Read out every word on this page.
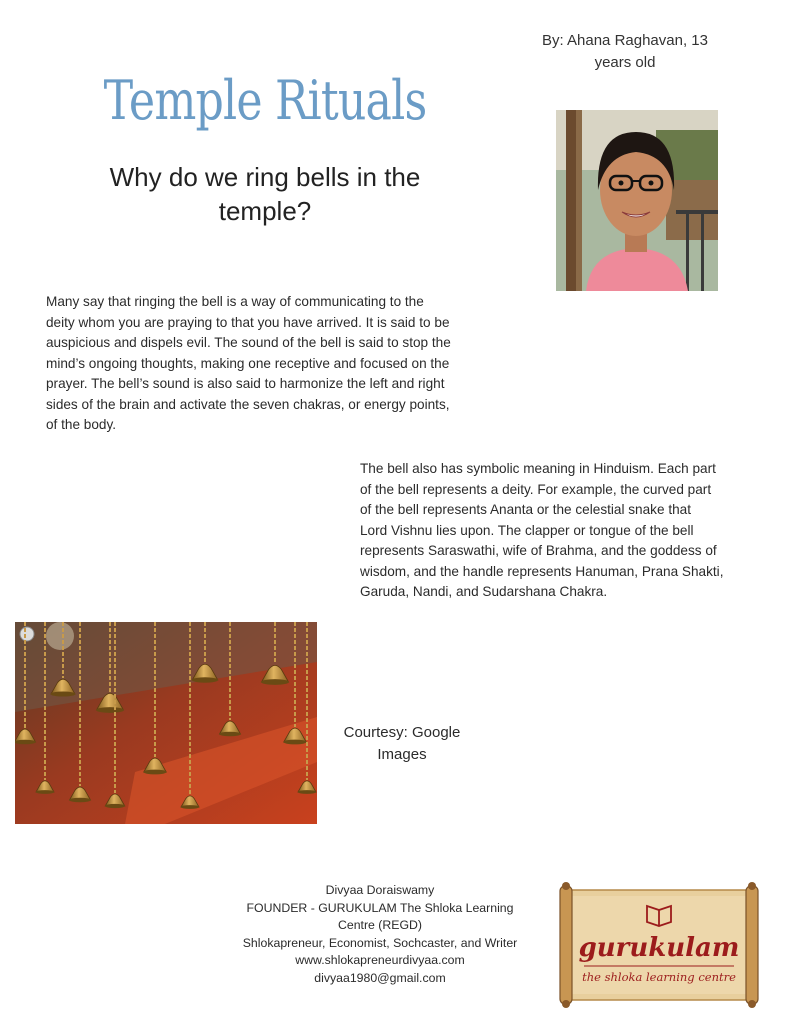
By: Ahana Raghavan, 13
years old
Temple Rituals
Why do we ring bells in the
temple?
Many say that ringing the bell is a way of communicating to the
deity whom you are praying to that you have arrived. It is said to be
auspicious and dispels evil. The sound of the bell is said to stop the
mind’s ongoing thoughts, making one receptive and focused on the
prayer. The bell’s sound is also said to harmonize the left and right
sides of the brain and activate the seven chakras, or energy points,
of the body.
The bell also has symbolic meaning in Hinduism. Each part
of the bell represents a deity. For example, the curved part
of the bell represents Ananta or the celestial snake that
Lord Vishnu lies upon. The clapper or tongue of the bell
represents Saraswathi, wife of Brahma, and the goddess of
wisdom, and the handle represents Hanuman, Prana Shakti,
Garuda, Nandi, and Sudarshana Chakra.
Courtesy: Google
Images
Divyaa Doraiswamy
FOUNDER - GURUKULAM The Shloka Learning
Centre (REGD)
Shlokapreneur, Economist, Sochcaster, and Writer
www.shlokapreneurdivyaa.com
divyaa1980@gmail.com
gurukulam
the shloka learning centre
